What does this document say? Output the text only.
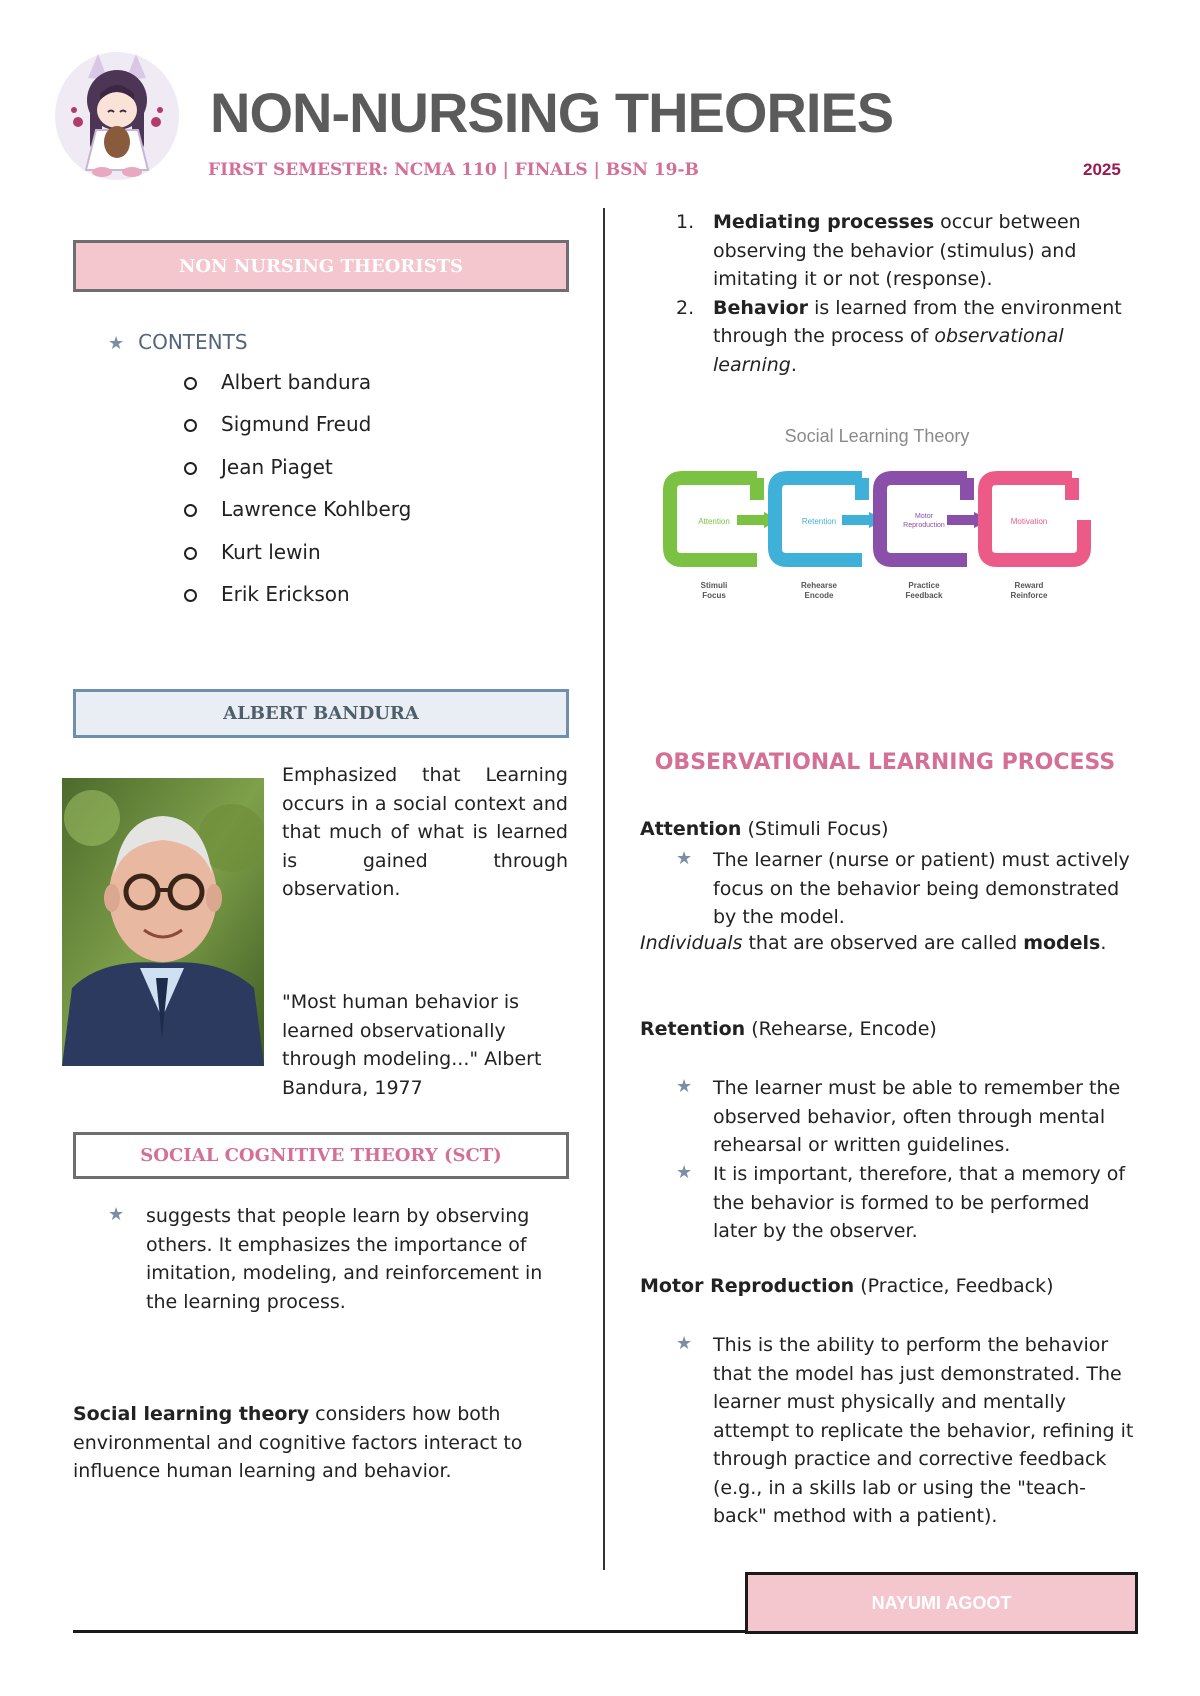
NON-NURSING THEORIES
FIRST SEMESTER: NCMA 110 | FINALS | BSN 19-B	2025
NON NURSING THEORISTS
★ CONTENTS
Albert bandura
Sigmund Freud
Jean Piaget
Lawrence Kohlberg
Kurt lewin
Erik Erickson
ALBERT BANDURA

Emphasized that Learning occurs in a social context and that much of what is learned is gained through observation.

"Most human behavior is learned observationally through modeling..." Albert Bandura, 1977

SOCIAL COGNITIVE THEORY (SCT)
★	suggests that people learn by observing others. It emphasizes the importance of imitation, modeling, and reinforcement in the learning process.

Social learning theory considers how both environmental and cognitive factors interact to influence human learning and behavior.

1. Mediating processes occur between observing the behavior (stimulus) and imitating it or not (response).

2. Behavior is learned from the environment through the process of observational learning.

Social Learning Theory
Attention
Stimuli
Focus
Retention
Rehearse
Encode
Motor
Reproduction
Practice
Feedback
Motivation
Reward
Reinforce
OBSERVATIONAL LEARNING PROCESS
Attention (Stimuli Focus)
★	The learner (nurse or patient) must actively focus on the behavior being demonstrated by the model.

Individuals that are observed are called models.

Retention (Rehearse, Encode)
★	The learner must be able to remember the observed behavior, often through mental rehearsal or written guidelines.

★	It is important, therefore, that a memory of the behavior is formed to be performed later by the observer.

Motor Reproduction (Practice, Feedback)
★	This is the ability to perform the behavior that the model has just demonstrated. The learner must physically and mentally attempt to replicate the behavior, refining it through practice and corrective feedback (e.g., in a skills lab or using the "teach-back" method with a patient).

NAYUMI AGOOT
